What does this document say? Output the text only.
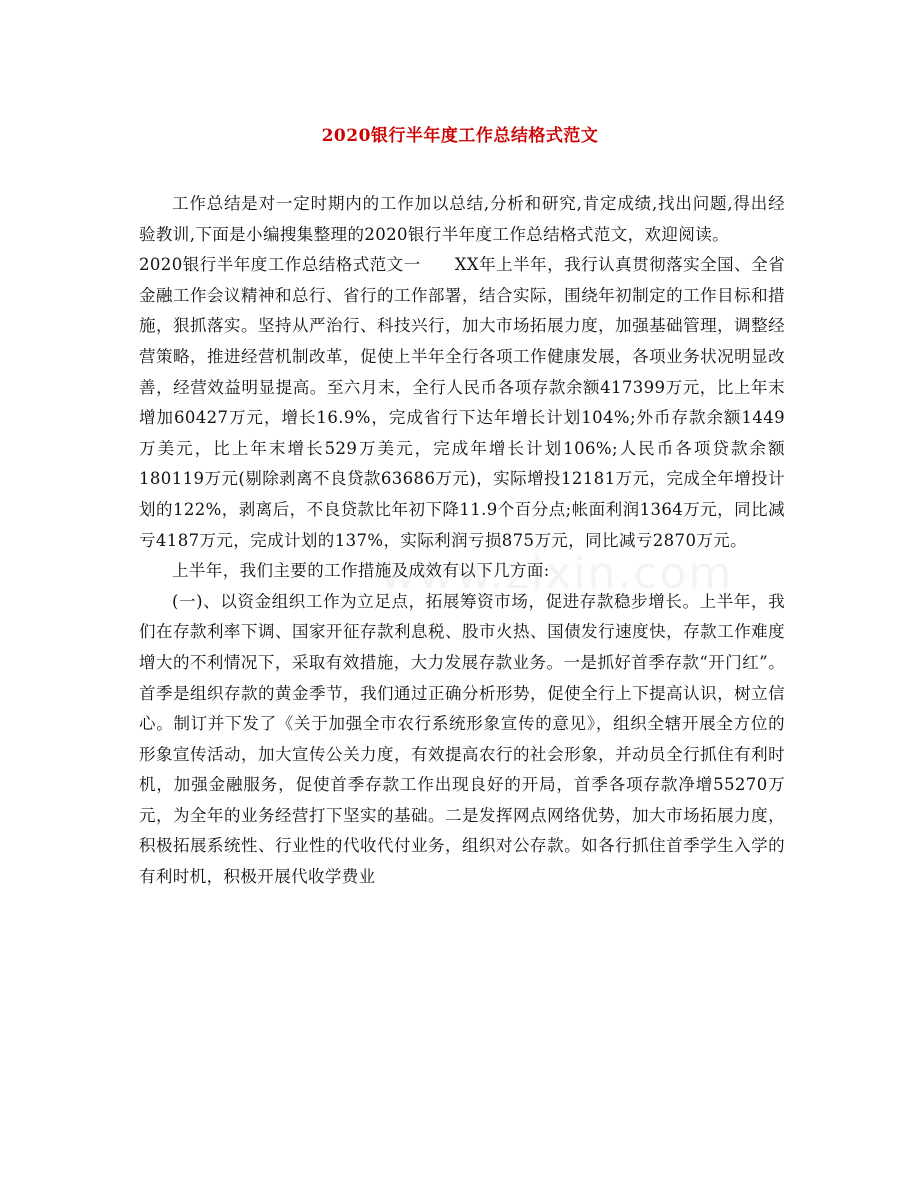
2020银行半年度工作总结格式范文

工作总结是对一定时期内的工作加以总结,分析和研究,肯定成绩,找出问题,得出经验教训,下面是小编搜集整理的2020银行半年度工作总结格式范文，欢迎阅读。

2020银行半年度工作总结格式范文一　　XX年上半年，我行认真贯彻落实全国、全省金融工作会议精神和总行、省行的工作部署，结合实际，围绕年初制定的工作目标和措施，狠抓落实。坚持从严治行、科技兴行，加大市场拓展力度，加强基础管理，调整经营策略，推进经营机制改革，促使上半年全行各项工作健康发展，各项业务状况明显改善，经营效益明显提高。至六月末，全行人民币各项存款余额417399万元，比上年末增加60427万元，增长16.9%，完成省行下达年增长计划104%;外币存款余额1449万美元，比上年末增长529万美元，完成年增长计划106%;人民币各项贷款余额180119万元(剔除剥离不良贷款63686万元)，实际增投12181万元，完成全年增投计划的122%，剥离后，不良贷款比年初下降11.9个百分点;帐面利润1364万元，同比减亏4187万元，完成计划的137%，实际利润亏损875万元，同比减亏2870万元。

上半年，我们主要的工作措施及成效有以下几方面:

(一)、以资金组织工作为立足点，拓展筹资市场，促进存款稳步增长。上半年，我们在存款利率下调、国家开征存款利息税、股市火热、国债发行速度快，存款工作难度增大的不利情况下，采取有效措施，大力发展存款业务。一是抓好首季存款“开门红”。首季是组织存款的黄金季节，我们通过正确分析形势，促使全行上下提高认识，树立信心。制订并下发了《关于加强全市农行系统形象宣传的意见》，组织全辖开展全方位的形象宣传活动，加大宣传公关力度，有效提高农行的社会形象，并动员全行抓住有利时机，加强金融服务，促使首季存款工作出现良好的开局，首季各项存款净增55270万元，为全年的业务经营打下坚实的基础。二是发挥网点网络优势，加大市场拓展力度，积极拓展系统性、行业性的代收代付业务，组织对公存款。如各行抓住首季学生入学的有利时机，积极开展代收学费业
